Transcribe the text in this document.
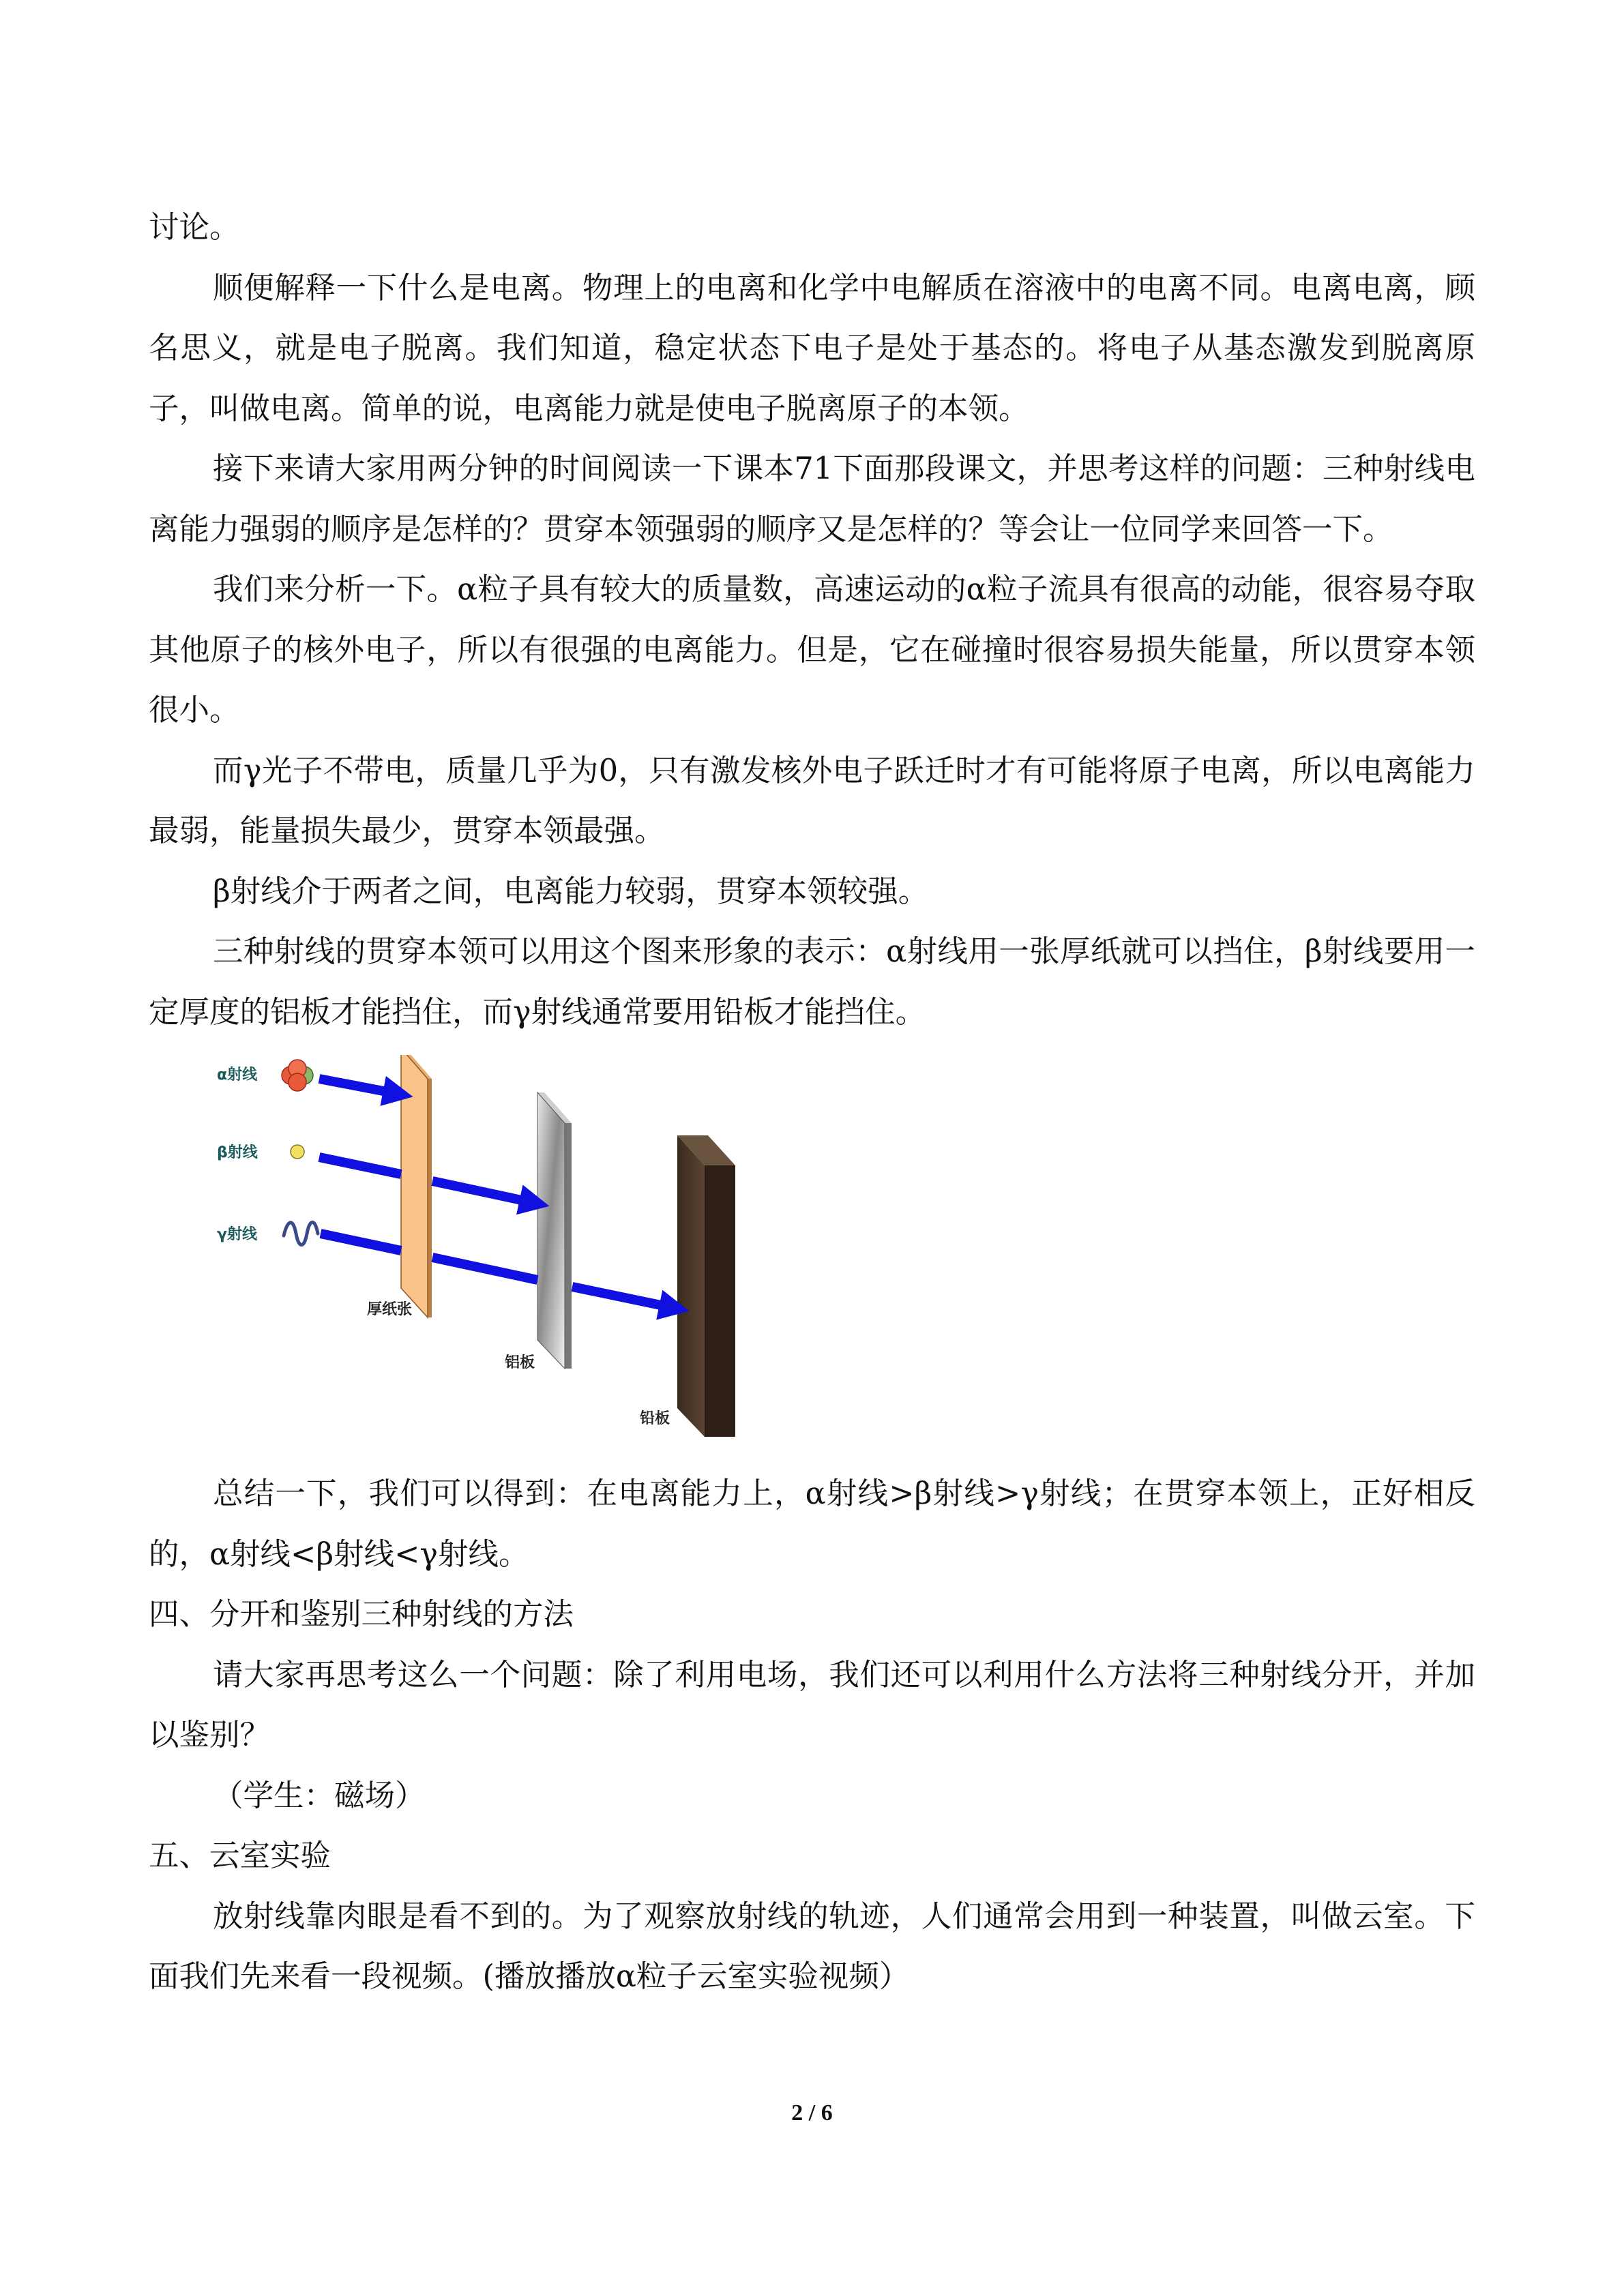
讨论。

顺便解释一下什么是电离。物理上的电离和化学中电解质在溶液中的电离不同。电离电离，顾名思义，就是电子脱离。我们知道，稳定状态下电子是处于基态的。将电子从基态激发到脱离原子，叫做电离。简单的说，电离能力就是使电子脱离原子的本领。

接下来请大家用两分钟的时间阅读一下课本71下面那段课文，并思考这样的问题：三种射线电离能力强弱的顺序是怎样的？贯穿本领强弱的顺序又是怎样的？等会让一位同学来回答一下。

我们来分析一下。α粒子具有较大的质量数，高速运动的α粒子流具有很高的动能，很容易夺取其他原子的核外电子，所以有很强的电离能力。但是，它在碰撞时很容易损失能量，所以贯穿本领很小。

而γ光子不带电，质量几乎为0，只有激发核外电子跃迁时才有可能将原子电离，所以电离能力最弱，能量损失最少，贯穿本领最强。

β射线介于两者之间，电离能力较弱，贯穿本领较强。

三种射线的贯穿本领可以用这个图来形象的表示：α射线用一张厚纸就可以挡住，β射线要用一定厚度的铝板才能挡住，而γ射线通常要用铅板才能挡住。

α射线
β射线
γ射线
厚纸张
铝板
铅板

总结一下，我们可以得到：在电离能力上，α射线>β射线>γ射线；在贯穿本领上，正好相反的，α射线<β射线<γ射线。

四、分开和鉴别三种射线的方法

请大家再思考这么一个问题：除了利用电场，我们还可以利用什么方法将三种射线分开，并加以鉴别？

（学生：磁场）

五、云室实验

放射线靠肉眼是看不到的。为了观察放射线的轨迹，人们通常会用到一种装置，叫做云室。下面我们先来看一段视频。(播放播放α粒子云室实验视频）

2 / 6
